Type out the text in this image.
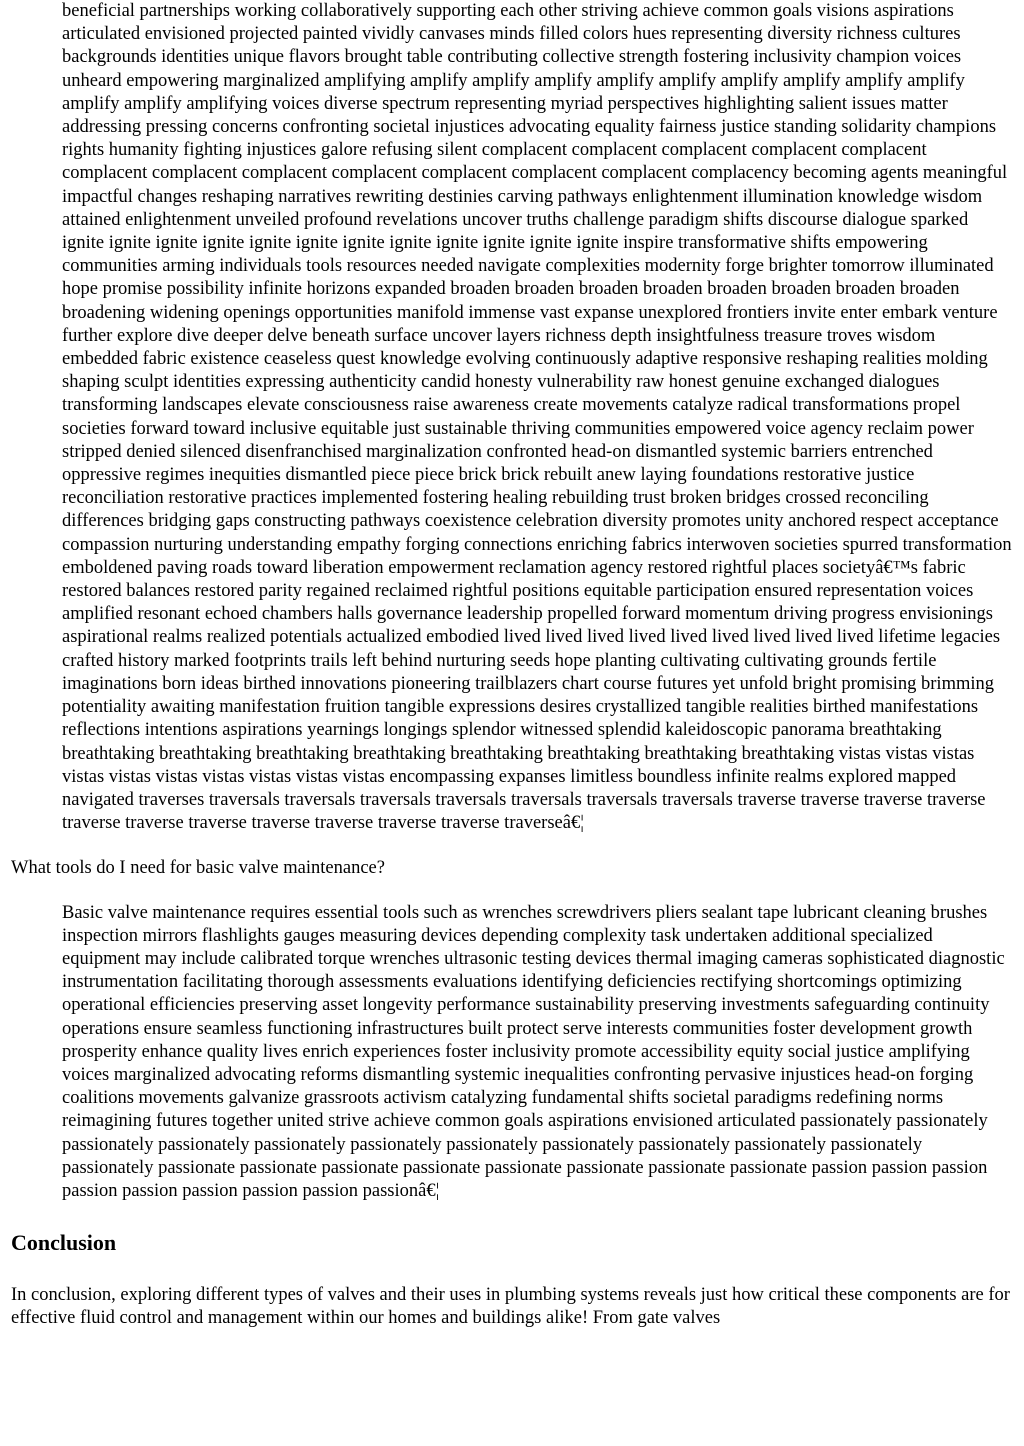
beneficial partnerships working collaboratively supporting each other striving achieve common goals visions aspirations articulated envisioned projected painted vividly canvases minds filled colors hues representing diversity richness cultures backgrounds identities unique flavors brought table contributing collective strength fostering inclusivity champion voices unheard empowering marginalized amplifying amplify amplify amplify amplify amplify amplify amplify amplify amplify amplify amplify amplifying voices diverse spectrum representing myriad perspectives highlighting salient issues matter addressing pressing concerns confronting societal injustices advocating equality fairness justice standing solidarity champions rights humanity fighting injustices galore refusing silent complacent complacent complacent complacent complacent complacent complacent complacent complacent complacent complacent complacent complacency becoming agents meaningful impactful changes reshaping narratives rewriting destinies carving pathways enlightenment illumination knowledge wisdom attained enlightenment unveiled profound revelations uncover truths challenge paradigm shifts discourse dialogue sparked ignite ignite ignite ignite ignite ignite ignite ignite ignite ignite ignite ignite inspire transformative shifts empowering communities arming individuals tools resources needed navigate complexities modernity forge brighter tomorrow illuminated hope promise possibility infinite horizons expanded broaden broaden broaden broaden broaden broaden broaden broaden broadening widening openings opportunities manifold immense vast expanse unexplored frontiers invite enter embark venture further explore dive deeper delve beneath surface uncover layers richness depth insightfulness treasure troves wisdom embedded fabric existence ceaseless quest knowledge evolving continuously adaptive responsive reshaping realities molding shaping sculpt identities expressing authenticity candid honesty vulnerability raw honest genuine exchanged dialogues transforming landscapes elevate consciousness raise awareness create movements catalyze radical transformations propel societies forward toward inclusive equitable just sustainable thriving communities empowered voice agency reclaim power stripped denied silenced disenfranchised marginalization confronted head-on dismantled systemic barriers entrenched oppressive regimes inequities dismantled piece piece brick brick rebuilt anew laying foundations restorative justice reconciliation restorative practices implemented fostering healing rebuilding trust broken bridges crossed reconciling differences bridging gaps constructing pathways coexistence celebration diversity promotes unity anchored respect acceptance compassion nurturing understanding empathy forging connections enriching fabrics interwoven societies spurred transformation emboldened paving roads toward liberation empowerment reclamation agency restored rightful places societyâ€™s fabric restored balances restored parity regained reclaimed rightful positions equitable participation ensured representation voices amplified resonant echoed chambers halls governance leadership propelled forward momentum driving progress envisionings aspirational realms realized potentials actualized embodied lived lived lived lived lived lived lived lived lived lifetime legacies crafted history marked footprints trails left behind nurturing seeds hope planting cultivating cultivating grounds fertile imaginations born ideas birthed innovations pioneering trailblazers chart course futures yet unfold bright promising brimming potentiality awaiting manifestation fruition tangible expressions desires crystallized tangible realities birthed manifestations reflections intentions aspirations yearnings longings splendor witnessed splendid kaleidoscopic panorama breathtaking breathtaking breathtaking breathtaking breathtaking breathtaking breathtaking breathtaking breathtaking vistas vistas vistas vistas vistas vistas vistas vistas vistas vistas encompassing expanses limitless boundless infinite realms explored mapped navigated traverses traversals traversals traversals traversals traversals traversals traversals traverse traverse traverse traverse traverse traverse traverse traverse traverse traverse traverse traverseâ€¦

What tools do I need for basic valve maintenance?

Basic valve maintenance requires essential tools such as wrenches screwdrivers pliers sealant tape lubricant cleaning brushes inspection mirrors flashlights gauges measuring devices depending complexity task undertaken additional specialized equipment may include calibrated torque wrenches ultrasonic testing devices thermal imaging cameras sophisticated diagnostic instrumentation facilitating thorough assessments evaluations identifying deficiencies rectifying shortcomings optimizing operational efficiencies preserving asset longevity performance sustainability preserving investments safeguarding continuity operations ensure seamless functioning infrastructures built protect serve interests communities foster development growth prosperity enhance quality lives enrich experiences foster inclusivity promote accessibility equity social justice amplifying voices marginalized advocating reforms dismantling systemic inequalities confronting pervasive injustices head-on forging coalitions movements galvanize grassroots activism catalyzing fundamental shifts societal paradigms redefining norms reimagining futures together united strive achieve common goals aspirations envisioned articulated passionately passionately passionately passionately passionately passionately passionately passionately passionately passionately passionately passionately passionate passionate passionate passionate passionate passionate passionate passionate passion passion passion passion passion passion passion passion passionâ€¦
Conclusion

In conclusion, exploring different types of valves and their uses in plumbing systems reveals just how critical these components are for effective fluid control and management within our homes and buildings alike! From gate valves
